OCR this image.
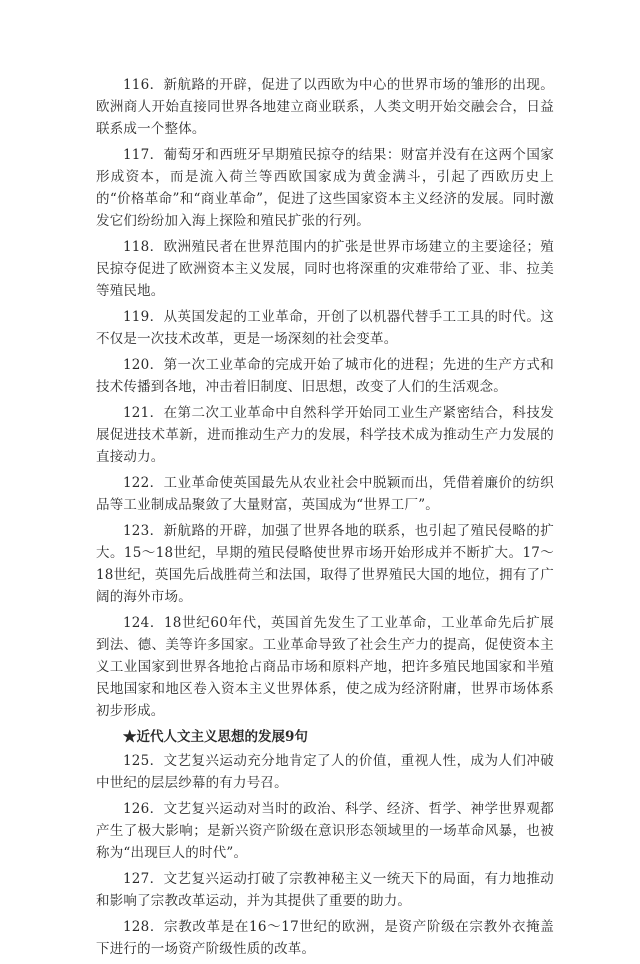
116．新航路的开辟，促进了以西欧为中心的世界市场的雏形的出现。欧洲商人开始直接同世界各地建立商业联系，人类文明开始交融会合，日益联系成一个整体。

117．葡萄牙和西班牙早期殖民掠夺的结果：财富并没有在这两个国家形成资本，而是流入荷兰等西欧国家成为黄金满斗，引起了西欧历史上的“价格革命”和“商业革命”，促进了这些国家资本主义经济的发展。同时激发它们纷纷加入海上探险和殖民扩张的行列。

118．欧洲殖民者在世界范围内的扩张是世界市场建立的主要途径；殖民掠夺促进了欧洲资本主义发展，同时也将深重的灾难带给了亚、非、拉美等殖民地。

119．从英国发起的工业革命，开创了以机器代替手工工具的时代。这不仅是一次技术改革，更是一场深刻的社会变革。

120．第一次工业革命的完成开始了城市化的进程；先进的生产方式和技术传播到各地，冲击着旧制度、旧思想，改变了人们的生活观念。

121．在第二次工业革命中自然科学开始同工业生产紧密结合，科技发展促进技术革新，进而推动生产力的发展，科学技术成为推动生产力发展的直接动力。

122．工业革命使英国最先从农业社会中脱颖而出，凭借着廉价的纺织品等工业制成品聚敛了大量财富，英国成为“世界工厂”。

123．新航路的开辟，加强了世界各地的联系，也引起了殖民侵略的扩大。15～18世纪，早期的殖民侵略使世界市场开始形成并不断扩大。17～18世纪，英国先后战胜荷兰和法国，取得了世界殖民大国的地位，拥有了广阔的海外市场。

124．18世纪60年代，英国首先发生了工业革命，工业革命先后扩展到法、德、美等许多国家。工业革命导致了社会生产力的提高，促使资本主义工业国家到世界各地抢占商品市场和原料产地，把许多殖民地国家和半殖民地国家和地区卷入资本主义世界体系，使之成为经济附庸，世界市场体系初步形成。

★近代人文主义思想的发展9句

125．文艺复兴运动充分地肯定了人的价值，重视人性，成为人们冲破中世纪的层层纱幕的有力号召。

126．文艺复兴运动对当时的政治、科学、经济、哲学、神学世界观都产生了极大影响；是新兴资产阶级在意识形态领域里的一场革命风暴，也被称为“出现巨人的时代”。

127．文艺复兴运动打破了宗教神秘主义一统天下的局面，有力地推动和影响了宗教改革运动，并为其提供了重要的助力。

128．宗教改革是在16～17世纪的欧洲，是资产阶级在宗教外衣掩盖下进行的一场资产阶级性质的改革。
